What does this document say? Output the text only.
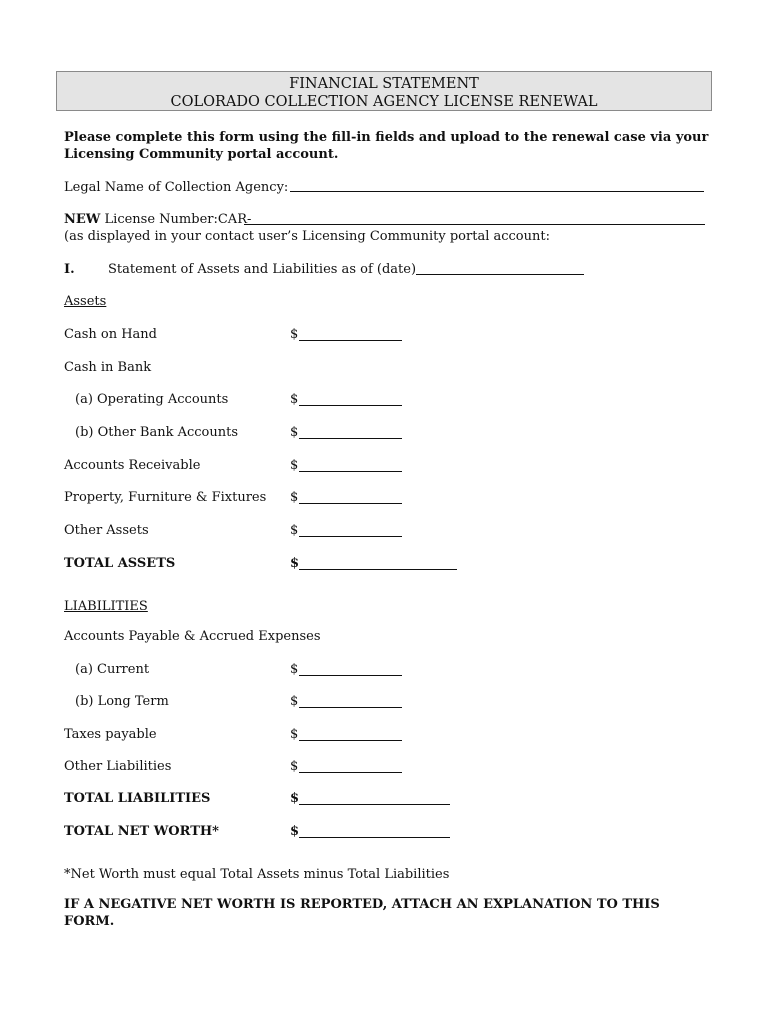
FINANCIAL STATEMENT
COLORADO COLLECTION AGENCY LICENSE RENEWAL
Please complete this form using the fill-in fields and upload to the renewal case via your
Licensing Community portal account.
Legal Name of Collection Agency:
NEW License Number:CAR-
(as displayed in your contact user’s Licensing Community portal account:
I.	Statement of Assets and Liabilities as of (date)
Assets
Cash on Hand	$
Cash in Bank
(a) Operating Accounts	$
(b) Other Bank Accounts	$
Accounts Receivable	$
Property, Furniture & Fixtures $
Other Assets	$
TOTAL ASSETS	$
LIABILITIES
Accounts Payable & Accrued Expenses
(a) Current	$
(b) Long Term	$
Taxes payable	$
Other Liabilities	$
TOTAL LIABILITIES	$
TOTAL NET WORTH*	$
*Net Worth must equal Total Assets minus Total Liabilities
IF A NEGATIVE NET WORTH IS REPORTED, ATTACH AN EXPLANATION TO THIS
FORM.
